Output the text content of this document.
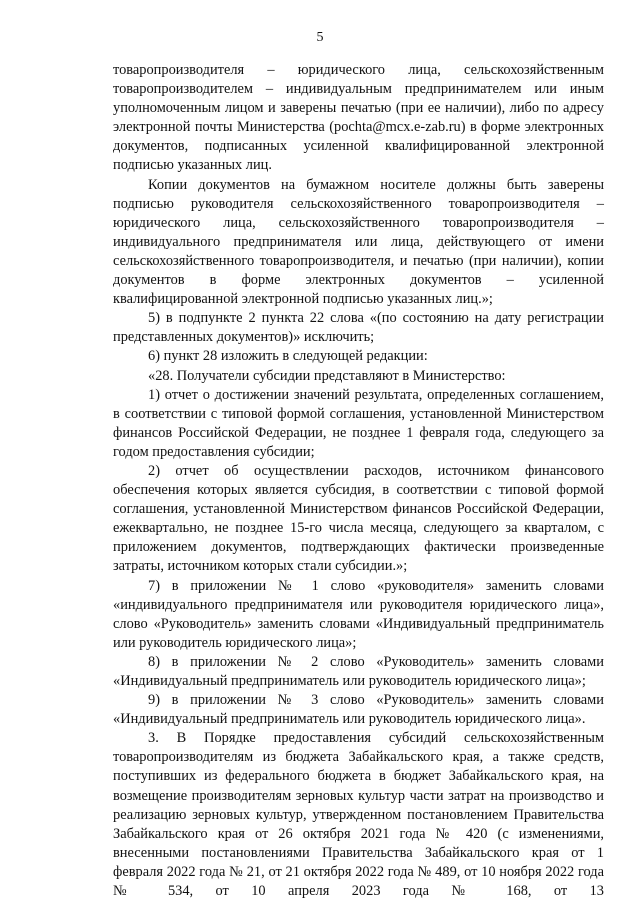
5

товаропроизводителя – юридического лица, сельскохозяйственным товаропроизводителем – индивидуальным предпринимателем или иным уполномоченным лицом и заверены печатью (при ее наличии), либо по адресу электронной почты Министерства (pochta@mcx.e-zab.ru) в форме электронных документов, подписанных усиленной квалифицированной электронной подписью указанных лиц.

Копии документов на бумажном носителе должны быть заверены подписью руководителя сельскохозяйственного товаропроизводителя – юридического лица, сельскохозяйственного товаропроизводителя – индивидуального предпринимателя или лица, действующего от имени сельскохозяйственного товаропроизводителя, и печатью (при наличии), копии документов в форме электронных документов – усиленной квалифицированной электронной подписью указанных лиц.»;

5) в подпункте 2 пункта 22 слова «(по состоянию на дату регистрации представленных документов)» исключить;

6) пункт 28 изложить в следующей редакции:

«28. Получатели субсидии представляют в Министерство:

1) отчет о достижении значений результата, определенных соглашением, в соответствии с типовой формой соглашения, установленной Министерством финансов Российской Федерации, не позднее 1 февраля года, следующего за годом предоставления субсидии;

2) отчет об осуществлении расходов, источником финансового обеспечения которых является субсидия, в соответствии с типовой формой соглашения, установленной Министерством финансов Российской Федерации, ежеквартально, не позднее 15-го числа месяца, следующего за кварталом, с приложением документов, подтверждающих фактически произведенные затраты, источником которых стали субсидии.»;

7) в приложении № 1 слово «руководителя» заменить словами «индивидуального предпринимателя или руководителя юридического лица», слово «Руководитель» заменить словами «Индивидуальный предприниматель или руководитель юридического лица»;

8) в приложении № 2 слово «Руководитель» заменить словами «Индивидуальный предприниматель или руководитель юридического лица»;

9) в приложении № 3 слово «Руководитель» заменить словами «Индивидуальный предприниматель или руководитель юридического лица».

3. В Порядке предоставления субсидий сельскохозяйственным товаропроизводителям из бюджета Забайкальского края, а также средств, поступивших из федерального бюджета в бюджет Забайкальского края, на возмещение производителям зерновых культур части затрат на производство и реализацию зерновых культур, утвержденном постановлением Правительства Забайкальского края от 26 октября 2021 года № 420 (с изменениями, внесенными постановлениями Правительства Забайкальского края от 1 февраля 2022 года № 21, от 21 октября 2022 года № 489, от 10 ноября 2022 года № 534, от 10 апреля 2023 года № 168, от 13
